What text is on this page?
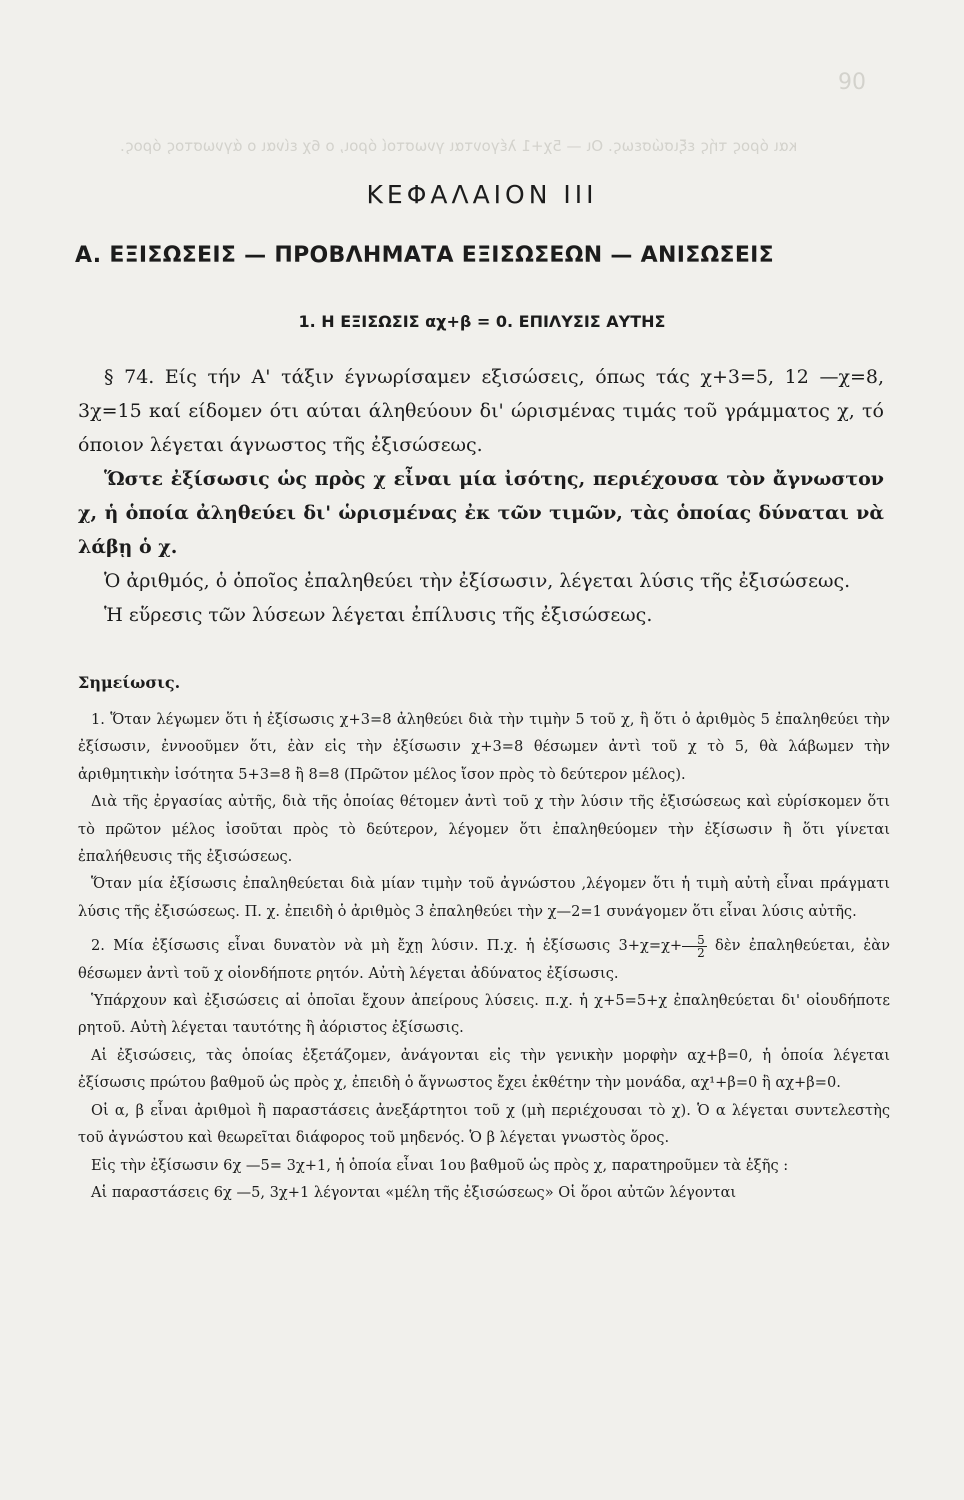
90
και όρος τής εξισώσεως. Οι — 5χ+1 λέγονται γνωστοί όροι, ο 6χ είναι ο άγνωστος όρος.
ΚΕΦΑΛΑΙΟΝ III
A. ΕΞΙΣΩΣΕΙΣ — ΠΡΟΒΛΗΜΑΤΑ ΕΞΙΣΩΣΕΩΝ — ΑΝΙΣΩΣΕΙΣ
1. Η ΕΞΙΣΩΣΙΣ αχ+β = 0. ΕΠΙΛΥΣΙΣ ΑΥΤΗΣ

§ 74. Είς τήν Α' τάξιν έγνωρίσαμεν εξισώσεις, όπως τάς χ+3=5, 12 —χ=8, 3χ=15 καί είδομεν ότι αύται άληθεύουν δι' ώρισμένας τιμάς τοῦ γράμματος χ, τό όποιον λέγεται άγνωστος τῆς ἐξισώσεως.

Ὥστε ἐξίσωσις ὡς πρὸς χ εἶναι μία ἰσότης, περιέχουσα τὸν ἄγνωστον χ, ἡ ὁποία ἀληθεύει δι' ὡρισμένας ἐκ τῶν τιμῶν, τὰς ὁποίας δύναται νὰ λάβῃ ὁ χ.

Ὁ ἀριθμός, ὁ ὁποῖος ἐπαληθεύει τὴν ἐξίσωσιν, λέγεται λύσις τῆς ἐξισώσεως.

Ἡ εὕρεσις τῶν λύσεων λέγεται ἐπίλυσις τῆς ἐξισώσεως.

Σημείωσις.

1. Ὅταν λέγωμεν ὅτι ἡ ἐξίσωσις χ+3=8 ἀληθεύει διὰ τὴν τιμὴν 5 τοῦ χ, ἢ ὅτι ὁ ἀριθμὸς 5 ἐπαληθεύει τὴν ἐξίσωσιν, ἐννοοῦμεν ὅτι, ἐὰν εἰς τὴν ἐξίσωσιν χ+3=8 θέσωμεν ἀντὶ τοῦ χ τὸ 5, θὰ λάβωμεν τὴν ἀριθμητικὴν ἰσότητα 5+3=8 ἢ 8=8 (Πρῶτον μέλος ἴσον πρὸς τὸ δεύτερον μέλος).

Διὰ τῆς ἐργασίας αὐτῆς, διὰ τῆς ὁποίας θέτομεν ἀντὶ τοῦ χ τὴν λύσιν τῆς ἐξισώσεως καὶ εὑρίσκομεν ὅτι τὸ πρῶτον μέλος ἰσοῦται πρὸς τὸ δεύτερον, λέγομεν ὅτι ἐπαληθεύομεν τὴν ἐξίσωσιν ἢ ὅτι γίνεται ἐπαλήθευσις τῆς ἐξισώσεως.

Ὅταν μία ἐξίσωσις ἐπαληθεύεται διὰ μίαν τιμὴν τοῦ ἀγνώστου ,λέγομεν ὅτι ἡ τιμὴ αὐτὴ εἶναι πράγματι λύσις τῆς ἐξισώσεως. Π. χ. ἐπειδὴ ὁ ἀριθμὸς 3 ἐπαληθεύει τὴν χ—2=1 συνάγομεν ὅτι εἶναι λύσις αὐτῆς.

2. Μία ἐξίσωσις εἶναι δυνατὸν νὰ μὴ ἔχῃ λύσιν. Π.χ. ἡ ἐξίσωσις $3+\chi=\chi+ \frac{5}{2}$ δὲν ἐπαληθεύεται, ἐὰν θέσωμεν ἀντὶ τοῦ χ οἱονδήποτε ρητόν. Αὐτὴ λέγεται ἀδύνατος ἐξίσωσις.

Ὑπάρχουν καὶ ἐξισώσεις αἱ ὁποῖαι ἔχουν ἀπείρους λύσεις. π.χ. ἡ χ+5=5+χ ἐπαληθεύεται δι' οἱουδήποτε ρητοῦ. Αὐτὴ λέγεται ταυτότης ἢ ἀόριστος ἐξίσωσις.

Αἱ ἐξισώσεις, τὰς ὁποίας ἐξετάζομεν, ἀνάγονται εἰς τὴν γενικὴν μορφὴν αχ+β=0, ἡ ὁποία λέγεται ἐξίσωσις πρώτου βαθμοῦ ὡς πρὸς χ, ἐπειδὴ ὁ ἄγνωστος ἔχει ἐκθέτην τὴν μονάδα, αχ¹+β=0 ἢ αχ+β=0.

Οἱ α, β εἶναι ἀριθμοὶ ἢ παραστάσεις ἀνεξάρτητοι τοῦ χ (μὴ περιέχουσαι τὸ χ). Ὁ α λέγεται συντελεστὴς τοῦ ἀγνώστου καὶ θεωρεῖται διάφορος τοῦ μηδενός. Ὁ β λέγεται γνωστὸς ὅρος.

Εἰς τὴν ἐξίσωσιν 6χ —5= 3χ+1, ἡ ὁποία εἶναι 1ου βαθμοῦ ὡς πρὸς χ, παρατηροῦμεν τὰ ἑξῆς :

Αἱ παραστάσεις 6χ —5, 3χ+1 λέγονται «μέλη τῆς ἐξισώσεως» Οἱ ὅροι αὐτῶν λέγονται
